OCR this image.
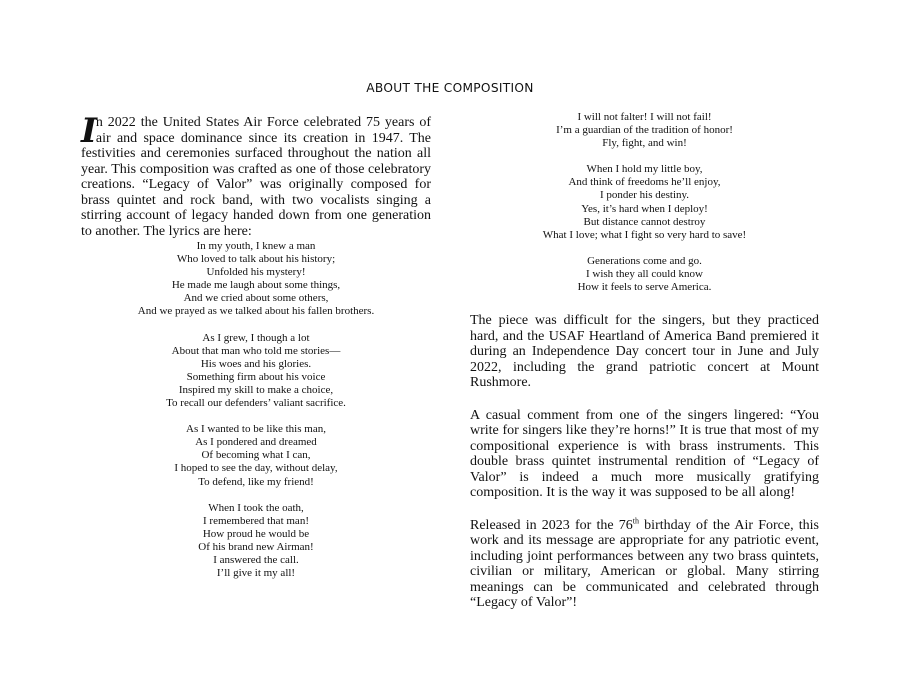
ABOUT THE COMPOSITION

In 2022 the United States Air Force celebrated 75 years of air and space dominance since its creation in 1947. The festivities and ceremonies surfaced throughout the nation all year. This composition was crafted as one of those celebratory creations. “Legacy of Valor” was originally composed for brass quintet and rock band, with two vocalists singing a stirring account of legacy handed down from one generation to another. The lyrics are here:

In my youth, I knew a man
Who loved to talk about his history;
Unfolded his mystery!
He made me laugh about some things,
And we cried about some others,
And we prayed as we talked about his fallen brothers.
As I grew, I though a lot
About that man who told me stories—
His woes and his glories.
Something firm about his voice
Inspired my skill to make a choice,
To recall our defenders’ valiant sacrifice.
As I wanted to be like this man,
As I pondered and dreamed
Of becoming what I can,
I hoped to see the day, without delay,
To defend, like my friend!
When I took the oath,
I remembered that man!
How proud he would be
Of his brand new Airman!
I answered the call.
I’ll give it my all!
I will not falter! I will not fail!
I’m a guardian of the tradition of honor!
Fly, fight, and win!
When I hold my little boy,
And think of freedoms he’ll enjoy,
I ponder his destiny.
Yes, it’s hard when I deploy!
But distance cannot destroy
What I love; what I fight so very hard to save!
Generations come and go.
I wish they all could know
How it feels to serve America.

The piece was difficult for the singers, but they practiced hard, and the USAF Heartland of America Band premiered it during an Independence Day concert tour in June and July 2022, including the grand patriotic concert at Mount Rushmore.

A casual comment from one of the singers lingered: “You write for singers like they’re horns!” It is true that most of my compositional experience is with brass instruments. This double brass quintet instrumental rendition of “Legacy of Valor” is indeed a much more musically gratifying composition. It is the way it was supposed to be all along!

Released in 2023 for the 76th birthday of the Air Force, this work and its message are appropriate for any patriotic event, including joint performances between any two brass quintets, civilian or military, American or global. Many stirring meanings can be communicated and celebrated through “Legacy of Valor”!
